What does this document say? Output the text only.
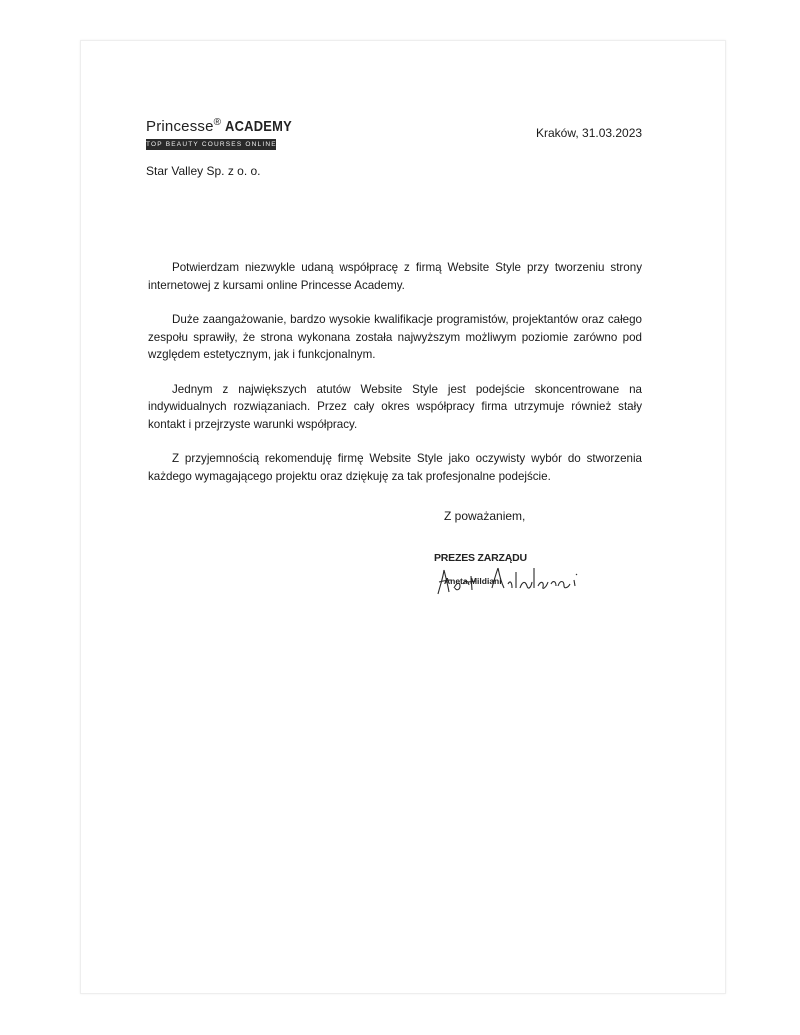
Princesse® ACADEMY
TOP BEAUTY COURSES ONLINE
Kraków, 31.03.2023
Star Valley Sp. z o. o.

Potwierdzam niezwykle udaną współpracę z firmą Website Style przy tworzeniu strony internetowej z kursami online Princesse Academy.

Duże zaangażowanie, bardzo wysokie kwalifikacje programistów, projektantów oraz całego zespołu sprawiły, że strona wykonana została najwyższym możliwym poziomie zarówno pod względem estetycznym, jak i funkcjonalnym.

Jednym z największych atutów Website Style jest podejście skoncentrowane na indywidualnych rozwiązaniach. Przez cały okres współpracy firma utrzymuje również stały kontakt i przejrzyste warunki współpracy.

Z przyjemnością rekomenduję firmę Website Style jako oczywisty wybór do stworzenia każdego wymagającego projektu oraz dziękuję za tak profesjonalne podejście.

Z poważaniem,
PREZES ZARZĄDU
Aneta Mildiani
